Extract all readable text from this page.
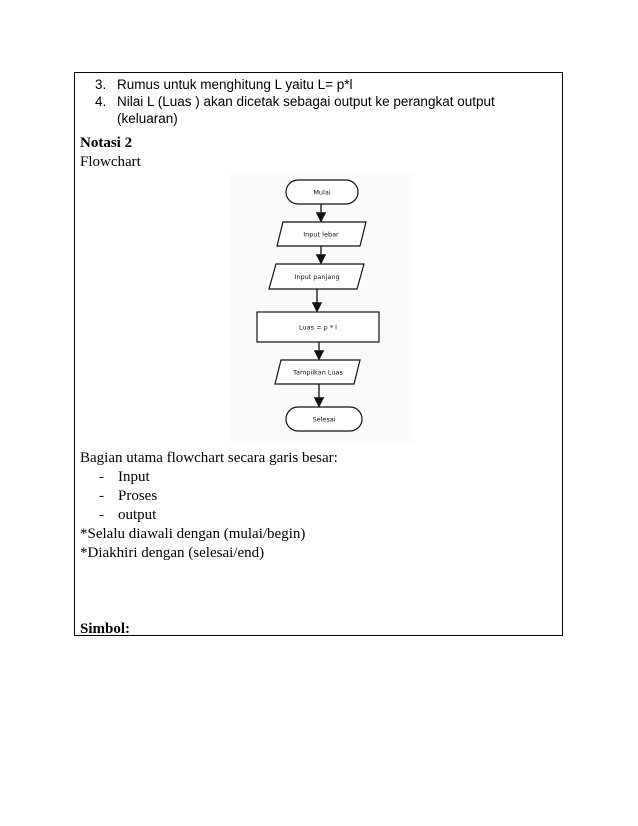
3. Rumus untuk menghitung L yaitu L= p*l
4. Nilai L (Luas ) akan dicetak sebagai output ke perangkat output
(keluaran)
Notasi 2
Flowchart
Mulai
Input lebar
Input panjang
Luas = p * l
Tampilkan Luas
Selesai
Bagian utama flowchart secara garis besar:
- Input
- Proses
- output
*Selalu diawali dengan (mulai/begin)
*Diakhiri dengan (selesai/end)
Simbol:
